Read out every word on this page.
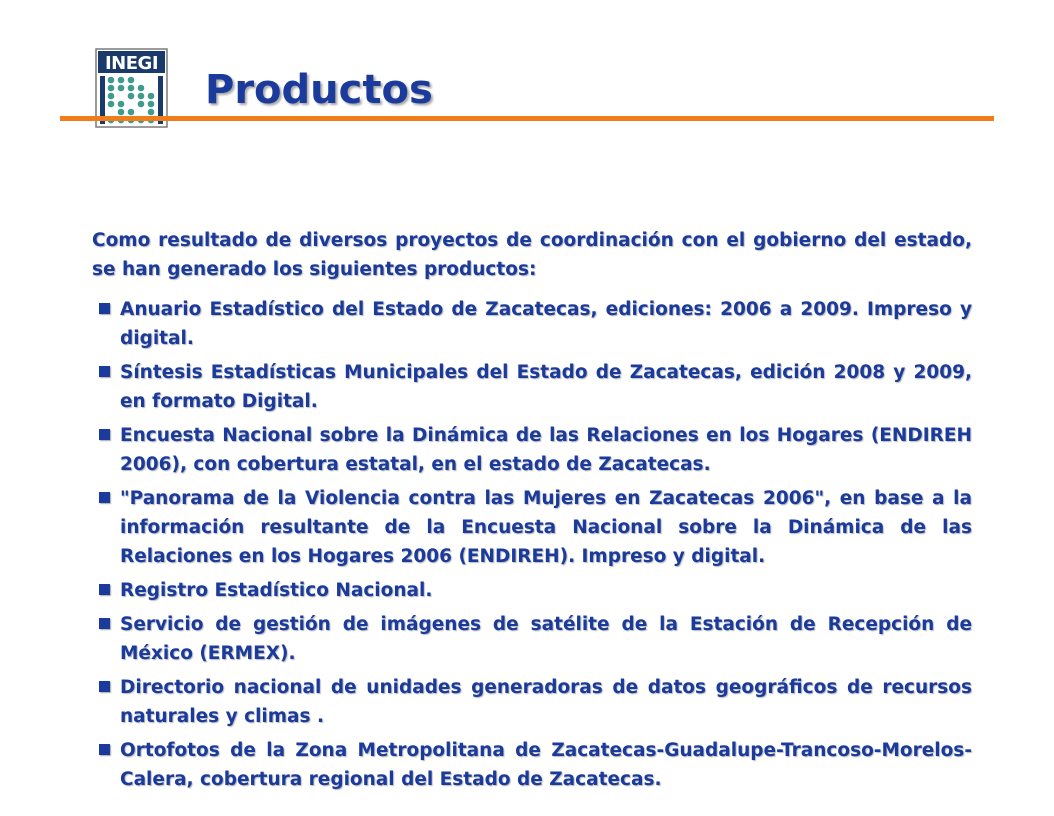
INEGI
Productos

Como resultado de diversos proyectos de coordinación con el gobierno del estado, se han generado los siguientes productos:

Anuario Estadístico del Estado de Zacatecas, ediciones: 2006 a 2009. Impreso y digital.
Síntesis Estadísticas Municipales del Estado de Zacatecas, edición 2008 y 2009, en formato Digital.
Encuesta Nacional sobre la Dinámica de las Relaciones en los Hogares (ENDIREH 2006), con cobertura estatal, en el estado de Zacatecas.
"Panorama de la Violencia contra las Mujeres en Zacatecas 2006", en base a la información resultante de la Encuesta Nacional sobre la Dinámica de las Relaciones en los Hogares 2006 (ENDIREH). Impreso y digital.
Registro Estadístico Nacional.
Servicio de gestión de imágenes de satélite de la Estación de Recepción de México (ERMEX).
Directorio nacional de unidades generadoras de datos geográficos de recursos naturales y climas .
Ortofotos de la Zona Metropolitana de Zacatecas-Guadalupe-Trancoso-Morelos-Calera, cobertura regional del Estado de Zacatecas.
